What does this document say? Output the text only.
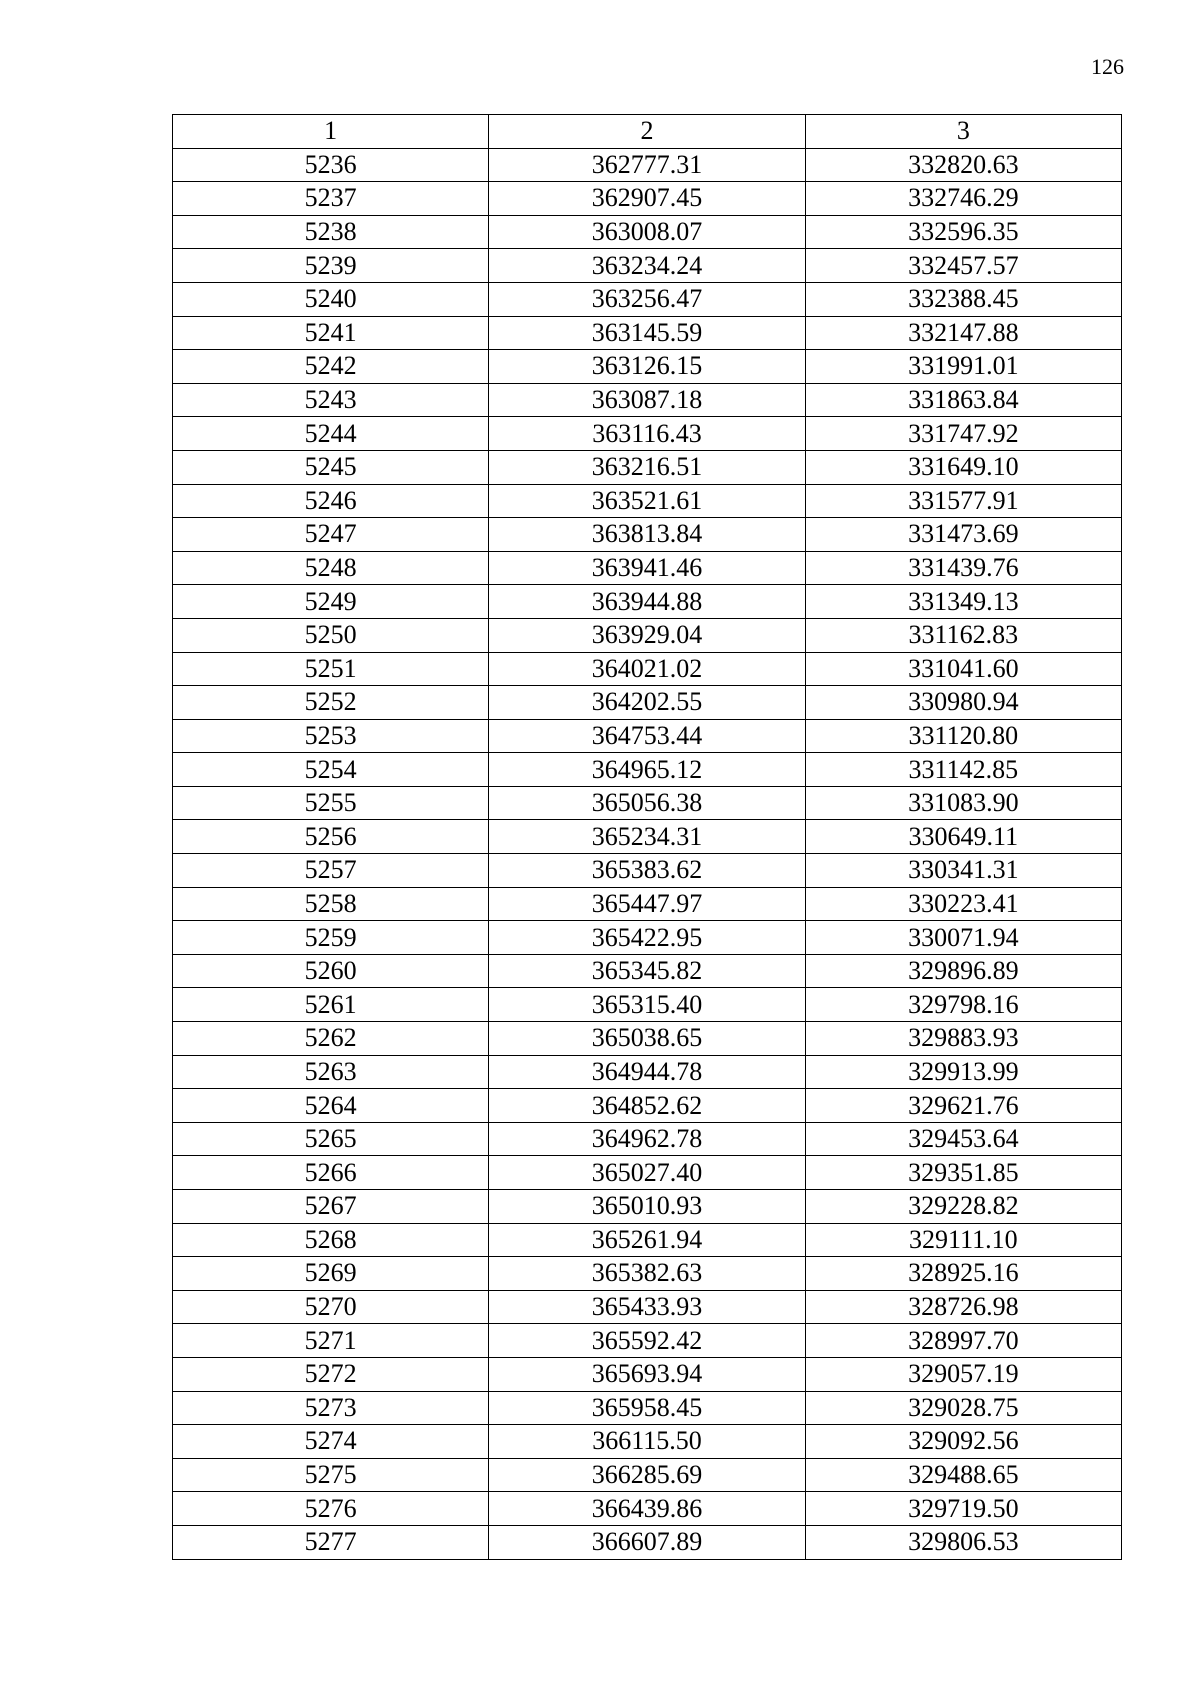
126
1	2	3
5236	362777.31	332820.63
5237	362907.45	332746.29
5238	363008.07	332596.35
5239	363234.24	332457.57
5240	363256.47	332388.45
5241	363145.59	332147.88
5242	363126.15	331991.01
5243	363087.18	331863.84
5244	363116.43	331747.92
5245	363216.51	331649.10
5246	363521.61	331577.91
5247	363813.84	331473.69
5248	363941.46	331439.76
5249	363944.88	331349.13
5250	363929.04	331162.83
5251	364021.02	331041.60
5252	364202.55	330980.94
5253	364753.44	331120.80
5254	364965.12	331142.85
5255	365056.38	331083.90
5256	365234.31	330649.11
5257	365383.62	330341.31
5258	365447.97	330223.41
5259	365422.95	330071.94
5260	365345.82	329896.89
5261	365315.40	329798.16
5262	365038.65	329883.93
5263	364944.78	329913.99
5264	364852.62	329621.76
5265	364962.78	329453.64
5266	365027.40	329351.85
5267	365010.93	329228.82
5268	365261.94	329111.10
5269	365382.63	328925.16
5270	365433.93	328726.98
5271	365592.42	328997.70
5272	365693.94	329057.19
5273	365958.45	329028.75
5274	366115.50	329092.56
5275	366285.69	329488.65
5276	366439.86	329719.50
5277	366607.89	329806.53
